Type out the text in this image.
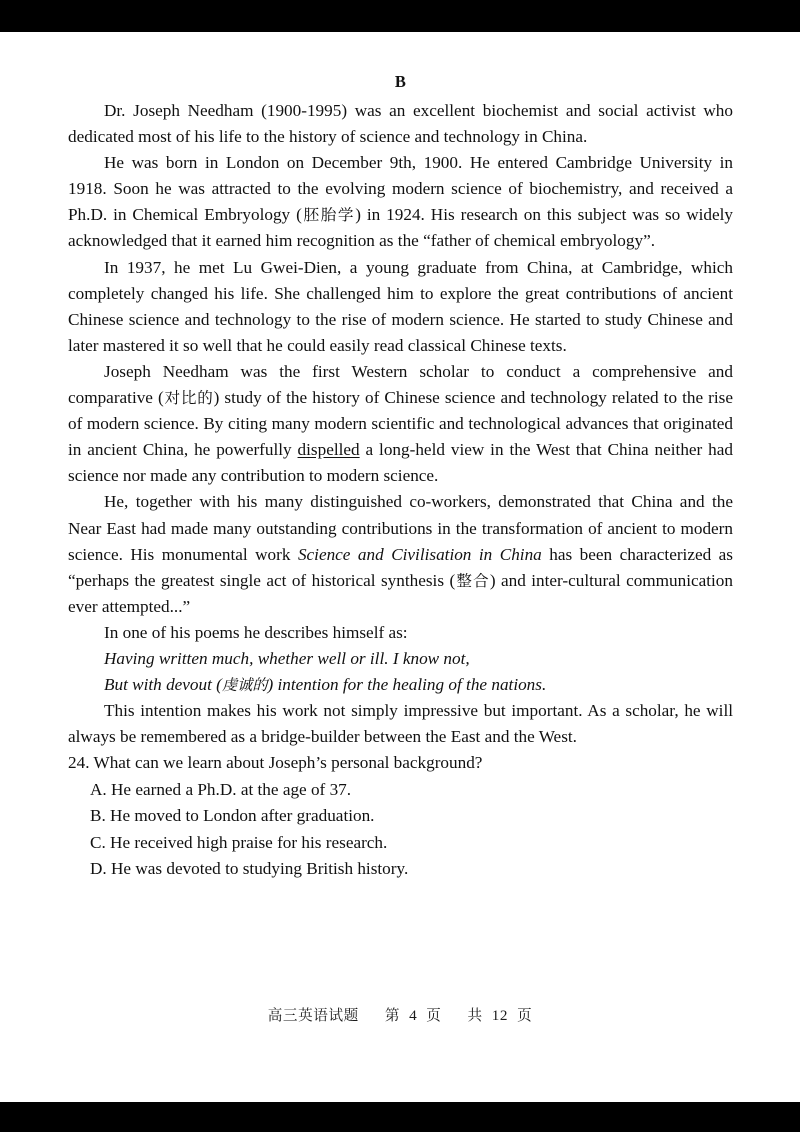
B

Dr. Joseph Needham (1900-1995) was an excellent biochemist and social activist who dedicated most of his life to the history of science and technology in China.

He was born in London on December 9th, 1900. He entered Cambridge University in 1918. Soon he was attracted to the evolving modern science of biochemistry, and received a Ph.D. in Chemical Embryology (胚胎学) in 1924. His research on this subject was so widely acknowledged that it earned him recognition as the “father of chemical embryology”.

In 1937, he met Lu Gwei-Dien, a young graduate from China, at Cambridge, which completely changed his life. She challenged him to explore the great contributions of ancient Chinese science and technology to the rise of modern science. He started to study Chinese and later mastered it so well that he could easily read classical Chinese texts.

Joseph Needham was the first Western scholar to conduct a comprehensive and comparative (对比的) study of the history of Chinese science and technology related to the rise of modern science. By citing many modern scientific and technological advances that originated in ancient China, he powerfully dispelled a long-held view in the West that China neither had science nor made any contribution to modern science.

He, together with his many distinguished co-workers, demonstrated that China and the Near East had made many outstanding contributions in the transformation of ancient to modern science. His monumental work Science and Civilisation in China has been characterized as “perhaps the greatest single act of historical synthesis (整合) and inter-cultural communication ever attempted...”

In one of his poems he describes himself as:

Having written much, whether well or ill. I know not,

But with devout (虔诚的) intention for the healing of the nations.

This intention makes his work not simply impressive but important. As a scholar, he will always be remembered as a bridge-builder between the East and the West.

24. What can we learn about Joseph’s personal background?

A. He earned a Ph.D. at the age of 37.

B. He moved to London after graduation.

C. He received high praise for his research.

D. He was devoted to studying British history.

高三英语试题 第 4 页 共 12 页
